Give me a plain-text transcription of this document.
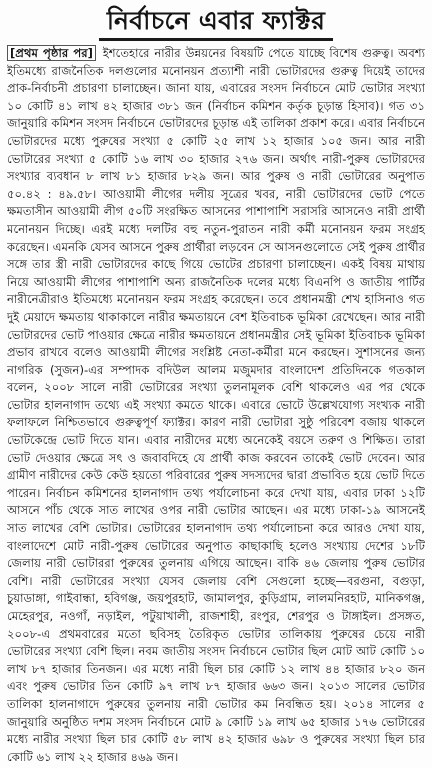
নির্বাচনে এবার ফ্যাক্টর
[প্রথম পৃষ্ঠার পর] ইশতেহারে নারীর উন্নয়নের বিষয়টি পেতে যাচ্ছে বিশেষ গুরুত্ব। অবশ্য ইতিমধ্যে রাজনৈতিক দলগুলোর মনোনয়ন প্রত্যাশী নারী ভোটারদের গুরুত্ব দিয়েই তাদের প্রাক-নির্বাচনী প্রচারণা চালাচ্ছেন। জানা যায়, এবারের সংসদ নির্বাচনে মোট ভোটার সংখ্যা ১০ কোটি ৪১ লাখ ৪২ হাজার ৩৮১ জন (নির্বাচন কমিশন কর্তৃক চূড়ান্ত হিসাব)। গত ৩১ জানুয়ারি কমিশন সংসদ নির্বাচনে ভোটারদের চূড়ান্ত এই তালিকা প্রকাশ করে। এবার নির্বাচনে ভোটারদের মধ্যে পুরুষের সংখ্যা ৫ কোটি ২৫ লাখ ১২ হাজার ১০৫ জন। আর নারী ভোটারের সংখ্যা ৫ কোটি ১৬ লাখ ৩০ হাজার ২৭৬ জন। অর্থাৎ নারী-পুরুষ ভোটারদের সংখ্যার ব্যবধান ৮ লাখ ৮১ হাজার ৮২৯ জন। আর পুরুষ ও নারী ভোটারের অনুপাত ৫০.৪২ : ৪৯.৫৮। আওয়ামী লীগের দলীয় সূত্রের খবর, নারী ভোটারদের ভোট পেতে ক্ষমতাসীন আওয়ামী লীগ ৫০টি সংরক্ষিত আসনের পাশাপাশি সরাসরি আসনেও নারী প্রার্থী মনোনয়ন দিচ্ছে। এরই মধ্যে দলটির বহু নতুন-পুরাতন নারী কর্মী মনোনয়ন ফরম সংগ্রহ করেছেন। এমনকি যেসব আসনে পুরুষ প্রার্থীরা লড়বেন সে আসনগুলোতে সেই পুরুষ প্রার্থীর সঙ্গে তার স্ত্রী নারী ভোটারদের কাছে গিয়ে ভোটের প্রচারণা চালাচ্ছেন। একই বিষয় মাথায় নিয়ে আওয়ামী লীগের পাশাপাশি অন্য রাজনৈতিক দলের মধ্যে বিএনপি ও জাতীয় পার্টির নারীনেত্রীরাও ইতিমধ্যে মনোনয়ন ফরম সংগ্রহ করেছেন। তবে প্রধানমন্ত্রী শেখ হাসিনাও গত দুই মেয়াদে ক্ষমতায় থাকাকালে নারীর ক্ষমতায়নে বেশ ইতিবাচক ভূমিকা রেখেছেন। আর নারী ভোটারদের ভোট পাওয়ার ক্ষেত্রে নারীর ক্ষমতায়নে প্রধানমন্ত্রীর সেই ভূমিকা ইতিবাচক ভূমিকা প্রভাব রাখবে বলেও আওয়ামী লীগের সংশ্লিষ্ট নেতা-কর্মীরা মনে করছেন। সুশাসনের জন্য নাগরিক (সুজন)-এর সম্পাদক বদিউল আলম মজুমদার বাংলাদেশ প্রতিদিনকে গতকাল বলেন, ২০০৮ সালে নারী ভোটারের সংখ্যা তুলনামূলক বেশি থাকলেও এর পর থেকে ভোটার হালনাগাদ তথ্যে এই সংখ্যা কমতে থাকে। এবারে ভোটে উল্লেখযোগ্য সংখ্যক নারী ফলাফলে নিশ্চিতভাবে গুরুত্বপূর্ণ ফ্যাক্টর। কারণ নারী ভোটারা সুষ্ঠু পরিবেশ বজায় থাকলে ভোটকেন্দ্রে ভোট দিতে যান। এবার নারীদের মধ্যে অনেকেই বয়সে তরুণ ও শিক্ষিত। তারা ভোট দেওয়ার ক্ষেত্রে সৎ ও জবাবদিহে যে প্রার্থী কাজ করবেন তাকেই ভোট দেবেন। আর গ্রামীণ নারীদের কেউ কেউ হয়তো পরিবারের পুরুষ সদস্যদের দ্বারা প্রভাবিত হয়ে ভোট দিতে পারেন। নির্বাচন কমিশনের হালনাগাদ তথ্য পর্যালোচনা করে দেখা যায়, এবার ঢাকা ১২টি আসনে পাঁচ থেকে সাত লাখের ওপর নারী ভোটার আছেন। এর মধ্যে ঢাকা-১৯ আসনেই সাত লাখের বেশি ভোটার। ভোটারের হালনাগাদ তথ্য পর্যালোচনা করে আরও দেখা যায়, বাংলাদেশে মোট নারী-পুরুষ ভোটারের অনুপাত কাছাকাছি হলেও সংখ্যায় দেশের ১৮টি জেলায় নারী ভোটাররা পুরুষের তুলনায় এগিয়ে আছেন। বাকি ৪৬ জেলায় পুরুষ ভোটার বেশি। নারী ভোটারের সংখ্যা যেসব জেলায় বেশি সেগুলো হচ্ছে—বরগুনা, বগুড়া, চুয়াডাঙ্গা, গাইবান্ধা, হবিগঞ্জ, জয়পুরহাট, জামালপুর, কুড়িগ্রাম, লালমনিরহাট, মানিকগঞ্জ, মেহেরপুর, নওগাঁ, নড়াইল, পটুয়াখালী, রাজশাহী, রংপুর, শেরপুর ও টাঙ্গাইল। প্রসঙ্গত, ২০০৮-এ প্রথমবারের মতো ছবিসহ তৈরিকৃত ভোটার তালিকায় পুরুষের চেয়ে নারী ভোটারের সংখ্যা বেশি ছিল। নবম জাতীয় সংসদ নির্বাচনে ভোটার ছিল মোট আট কোটি ১০ লাখ ৮৭ হাজার তিনজন। এর মধ্যে নারী ছিল চার কোটি ১২ লাখ ৪৪ হাজার ৮২০ জন এবং পুরুষ ভোটার তিন কোটি ৯৭ লাখ ৮৭ হাজার ৬৬৩ জন। ২০১৩ সালের ভোটার তালিকা হালনাগাদে পুরুষের তুলনায় নারী ভোটার কম নিবন্ধিত হয়। ২০১৪ সালের ৫ জানুয়ারি অনুষ্ঠিত দশম সংসদ নির্বাচনে মোট ৯ কোটি ১৯ লাখ ৬৫ হাজার ১৭৬ ভোটারের মধ্যে নারীর সংখ্যা ছিল চার কোটি ৫৮ লাখ ৪২ হাজার ৬৯৮ ও পুরুষের সংখ্যা ছিল চার কোটি ৬১ লাখ ২২ হাজার ৪৬৯ জন।
